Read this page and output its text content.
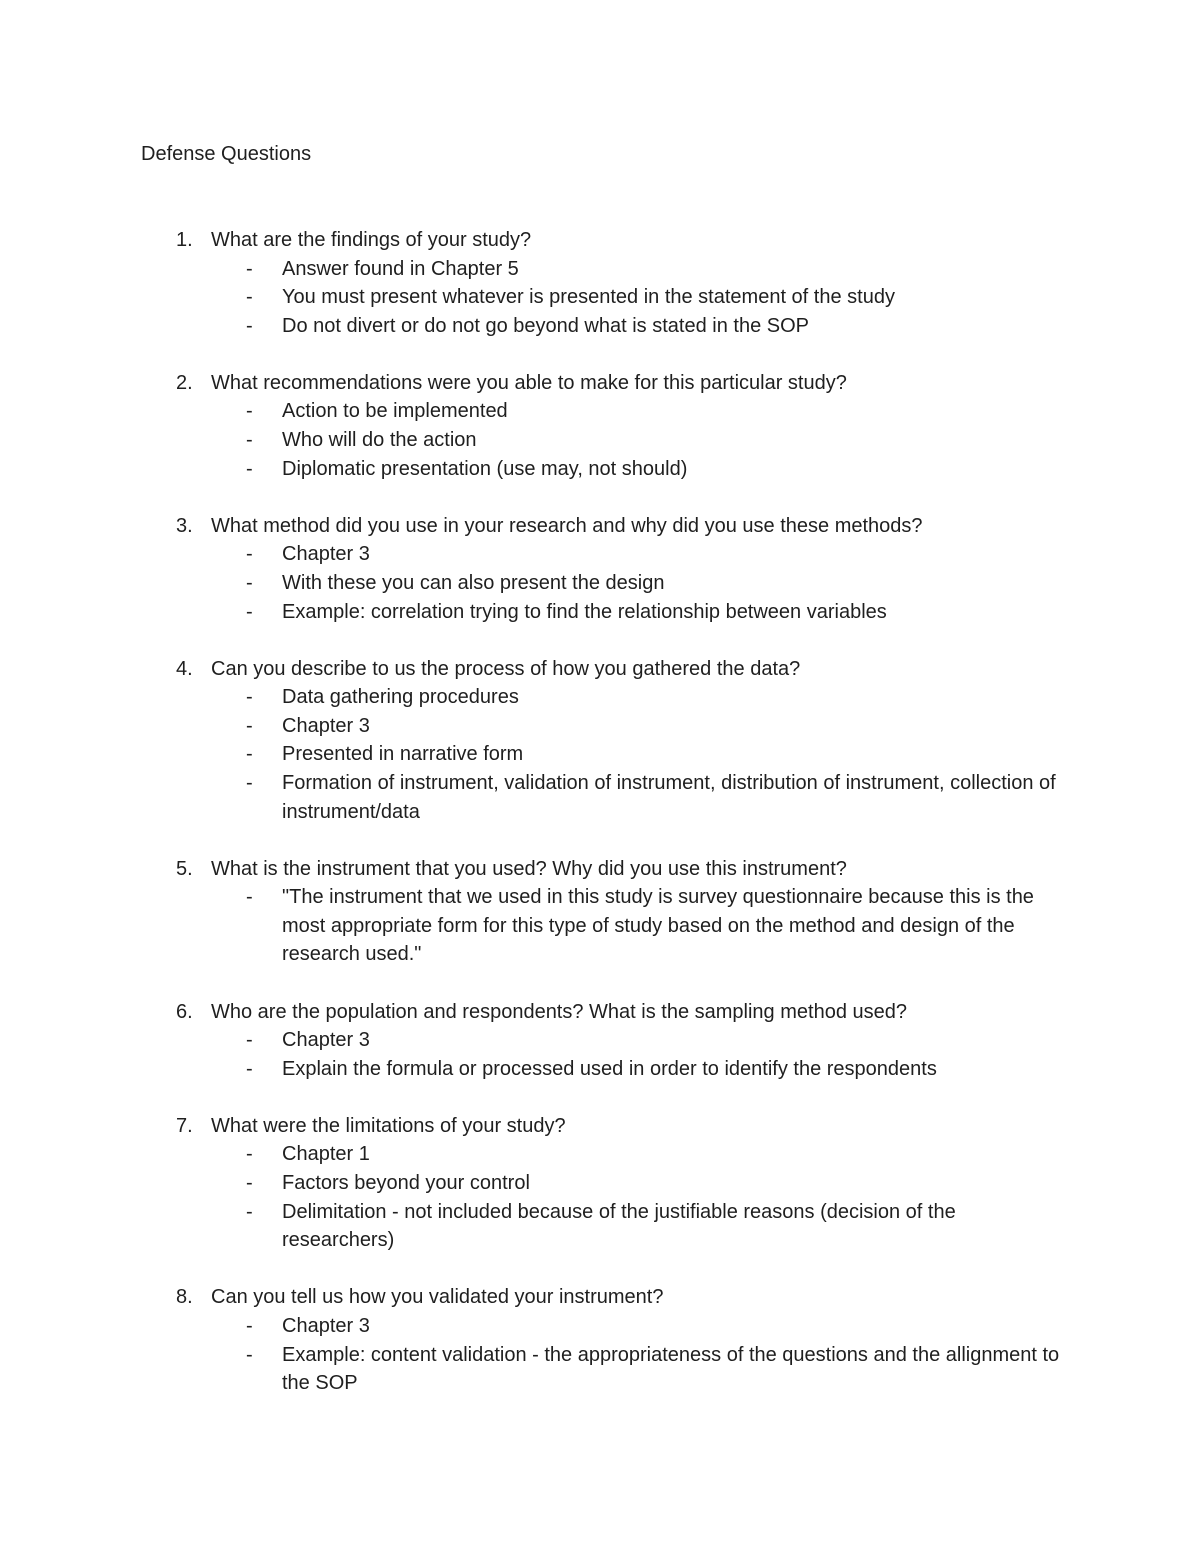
Defense Questions
1. What are the findings of your study?
- Answer found in Chapter 5
- You must present whatever is presented in the statement of the study
- Do not divert or do not go beyond what is stated in the SOP
2. What recommendations were you able to make for this particular study?
- Action to be implemented
- Who will do the action
- Diplomatic presentation (use may, not should)
3. What method did you use in your research and why did you use these methods?
- Chapter 3
- With these you can also present the design
- Example: correlation trying to find the relationship between variables
4. Can you describe to us the process of how you gathered the data?
- Data gathering procedures
- Chapter 3
- Presented in narrative form
- Formation of instrument, validation of instrument, distribution of instrument, collection of instrument/data
5. What is the instrument that you used? Why did you use this instrument?
- "The instrument that we used in this study is survey questionnaire because this is the most appropriate form for this type of study based on the method and design of the research used."
6. Who are the population and respondents? What is the sampling method used?
- Chapter 3
- Explain the formula or processed used in order to identify the respondents
7. What were the limitations of your study?
- Chapter 1
- Factors beyond your control
- Delimitation - not included because of the justifiable reasons (decision of the researchers)
8. Can you tell us how you validated your instrument?
- Chapter 3
- Example: content validation - the appropriateness of the questions and the allignment to the SOP
